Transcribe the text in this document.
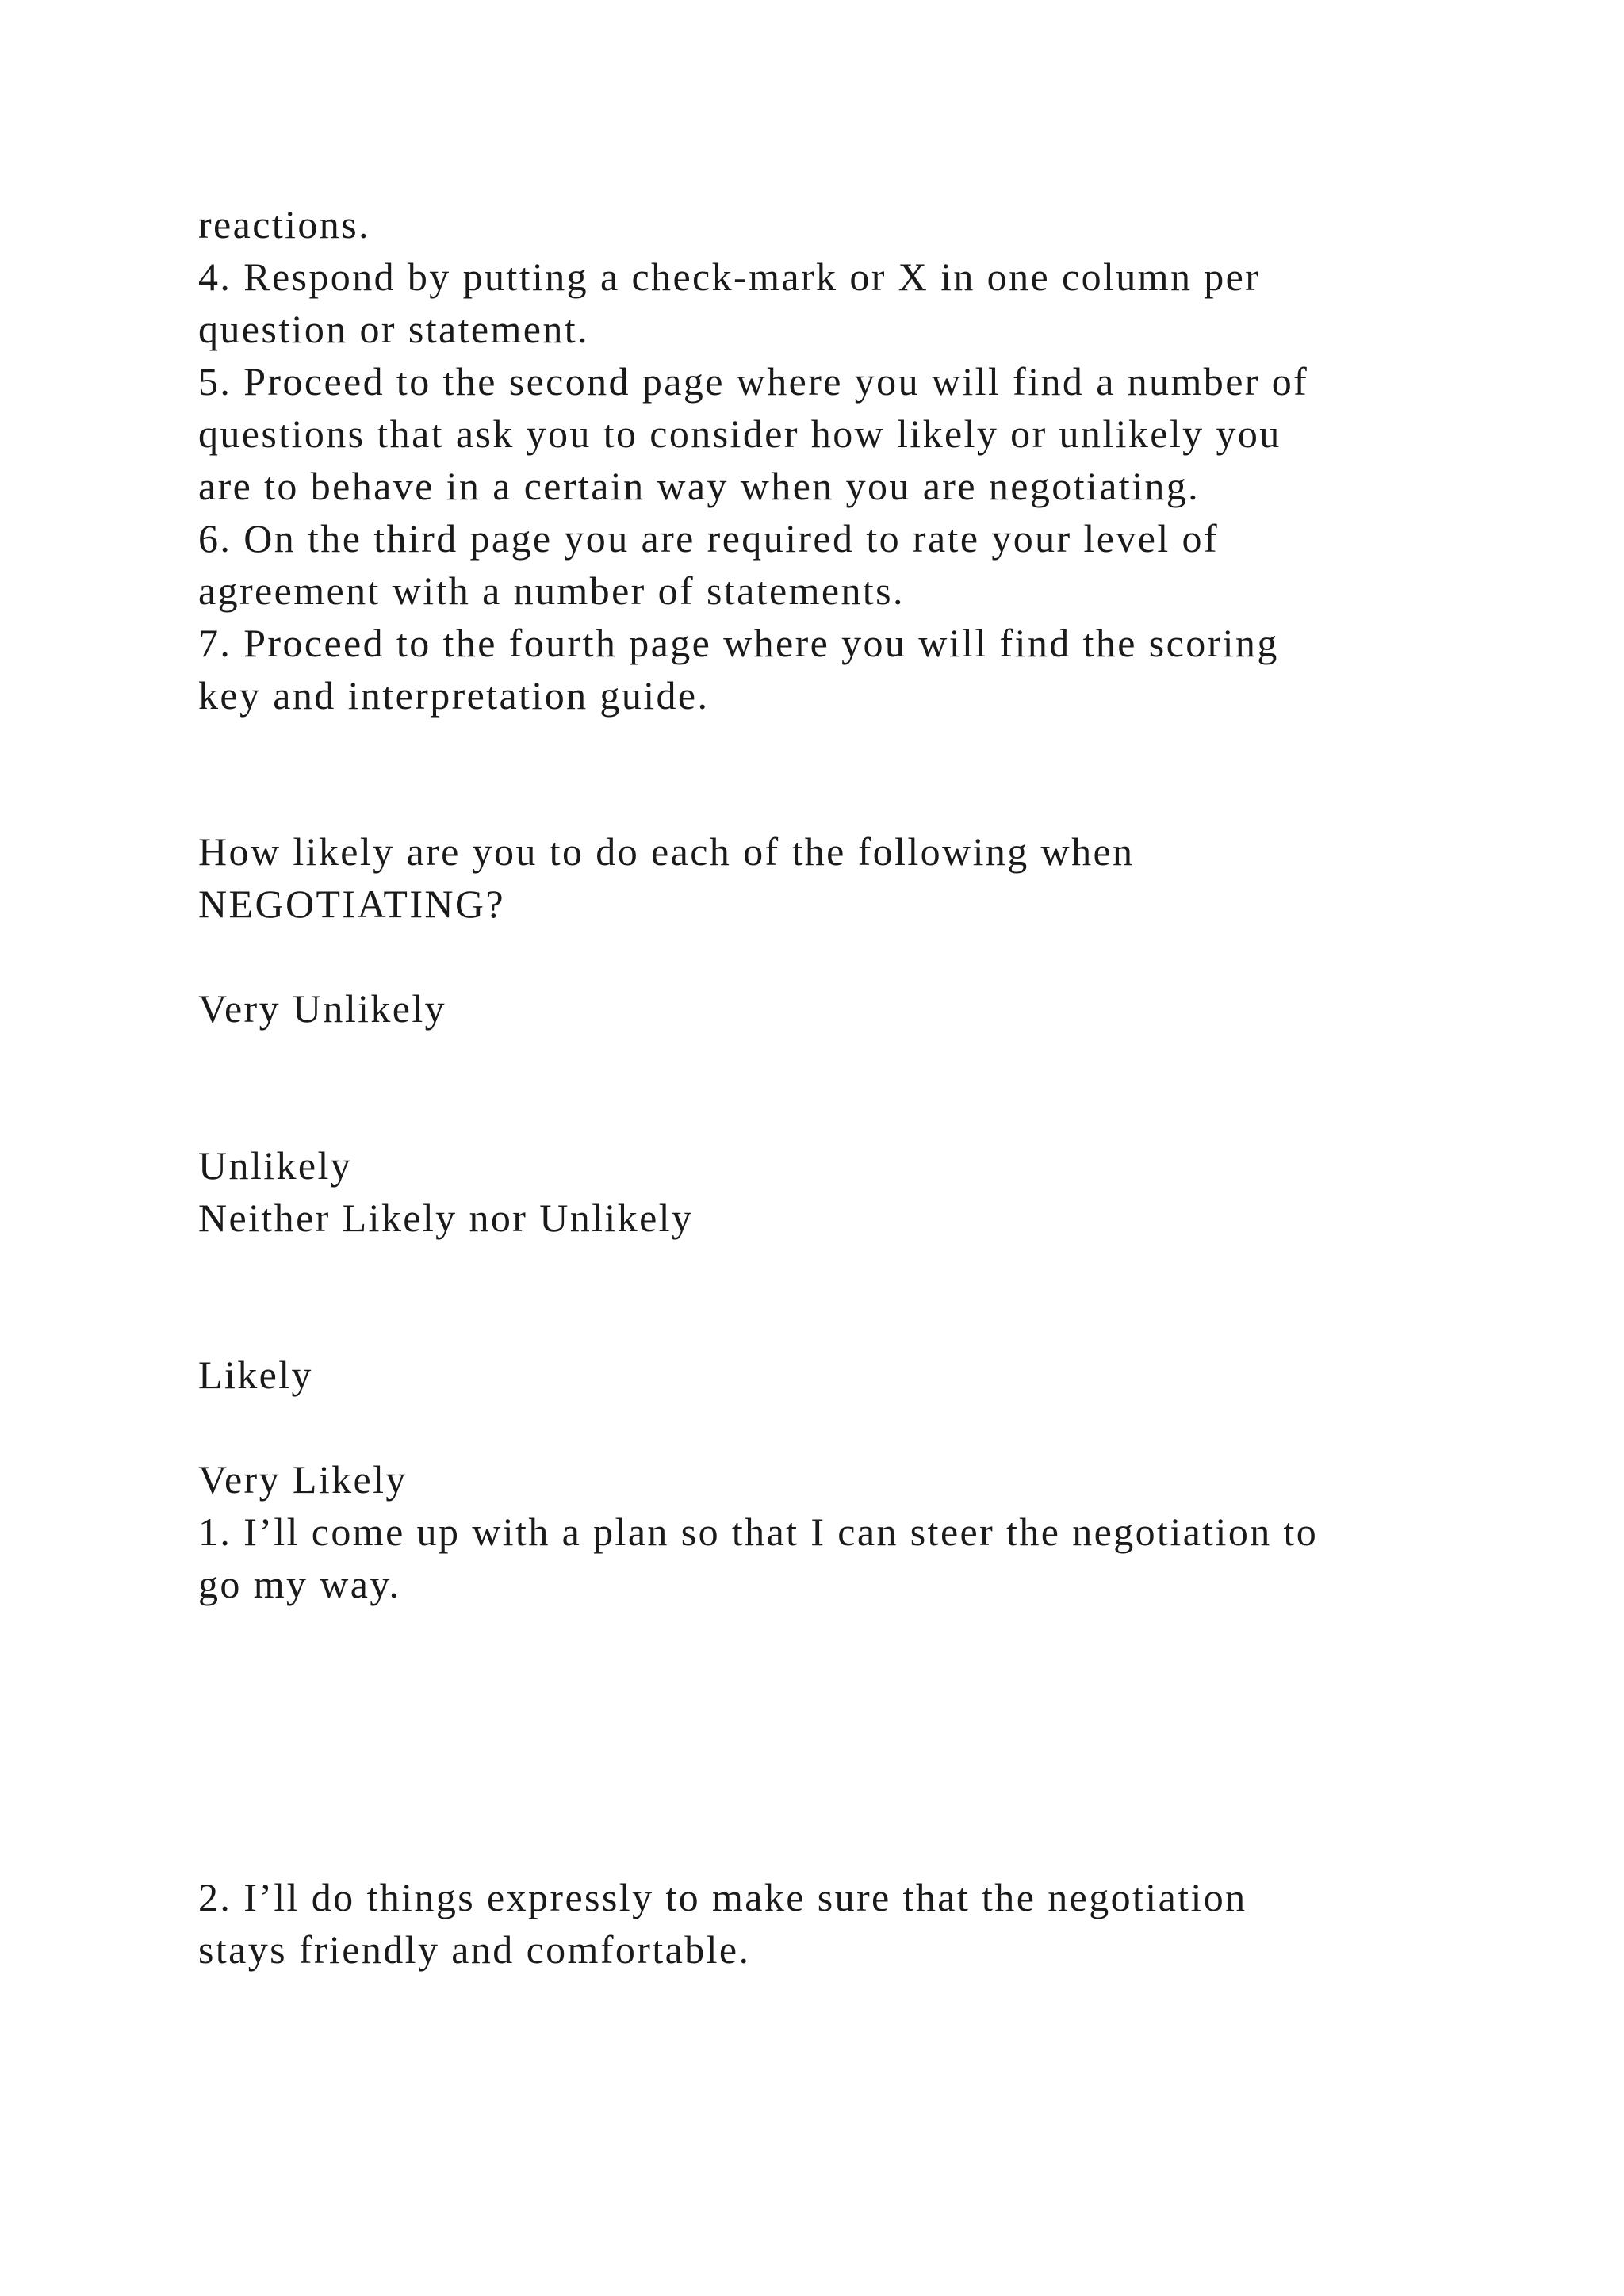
reactions.
4. Respond by putting a check-mark or X in one column per
question or statement.
5. Proceed to the second page where you will find a number of
questions that ask you to consider how likely or unlikely you
are to behave in a certain way when you are negotiating.
6. On the third page you are required to rate your level of
agreement with a number of statements.
7. Proceed to the fourth page where you will find the scoring
key and interpretation guide.
How likely are you to do each of the following when
NEGOTIATING?
Very Unlikely
Unlikely
Neither Likely nor Unlikely
Likely
Very Likely
1. I’ll come up with a plan so that I can steer the negotiation to
go my way.
2. I’ll do things expressly to make sure that the negotiation
stays friendly and comfortable.
